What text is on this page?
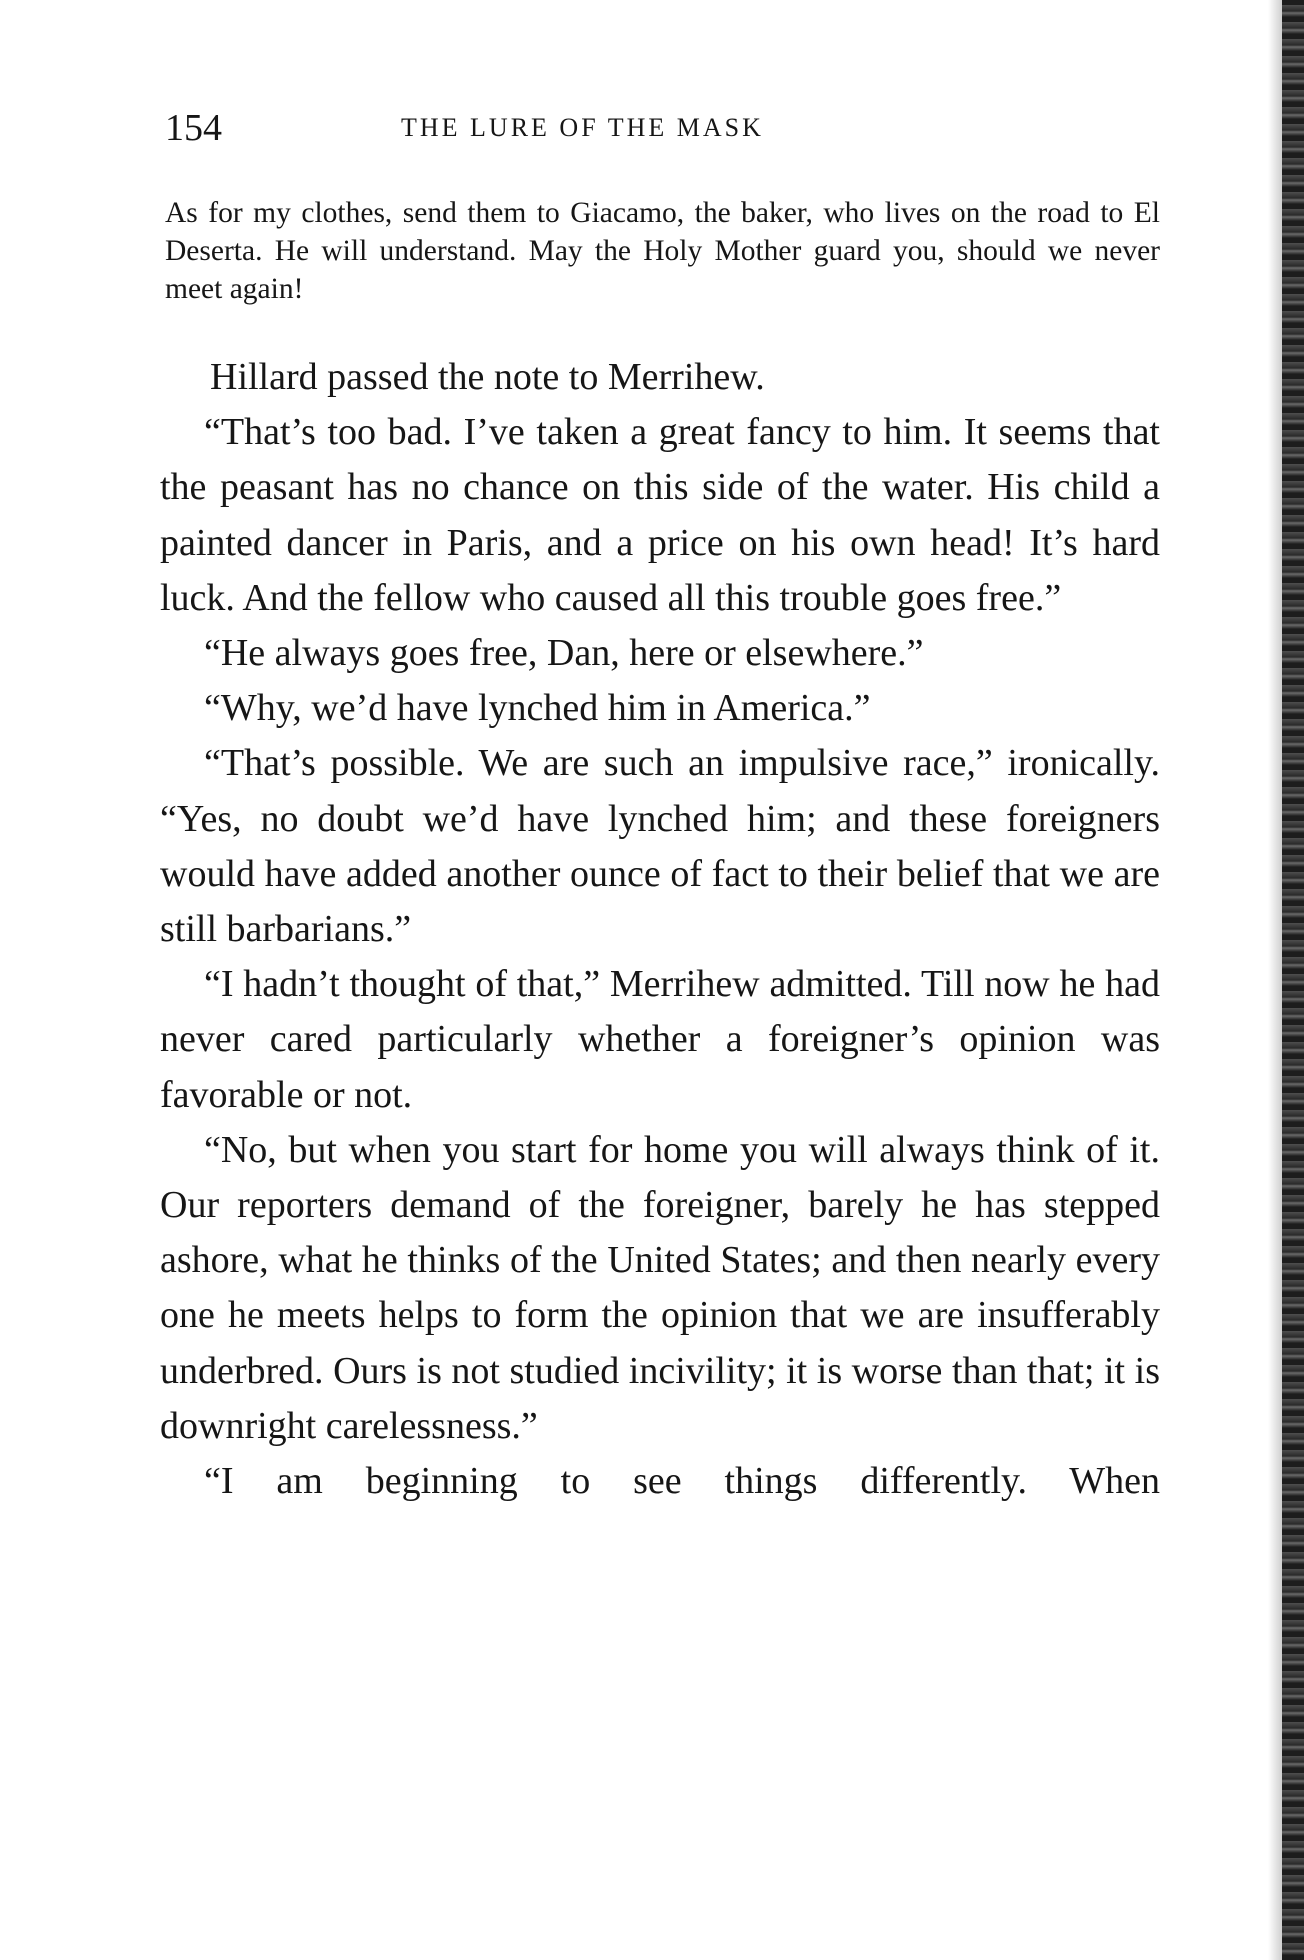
154	THE LURE OF THE MASK

As for my clothes, send them to Giacamo, the baker, who lives on the road to El Deserta. He will understand. May the Holy Mother guard you, should we never meet again!

Hillard passed the note to Merrihew.

“That’s too bad. I’ve taken a great fancy to him. It seems that the peasant has no chance on this side of the water. His child a painted dancer in Paris, and a price on his own head! It’s hard luck. And the fellow who caused all this trouble goes free.”

“He always goes free, Dan, here or elsewhere.”

“Why, we’d have lynched him in America.”

“That’s possible. We are such an impulsive race,” ironically. “Yes, no doubt we’d have lynched him; and these foreigners would have added another ounce of fact to their belief that we are still barbarians.”

“I hadn’t thought of that,” Merrihew admitted. Till now he had never cared particularly whether a foreigner’s opinion was favorable or not.

“No, but when you start for home you will always think of it. Our reporters demand of the foreigner, barely he has stepped ashore, what he thinks of the United States; and then nearly every one he meets helps to form the opinion that we are insufferably underbred. Ours is not studied incivility; it is worse than that; it is downright carelessness.”

“I am beginning to see things differently. When
